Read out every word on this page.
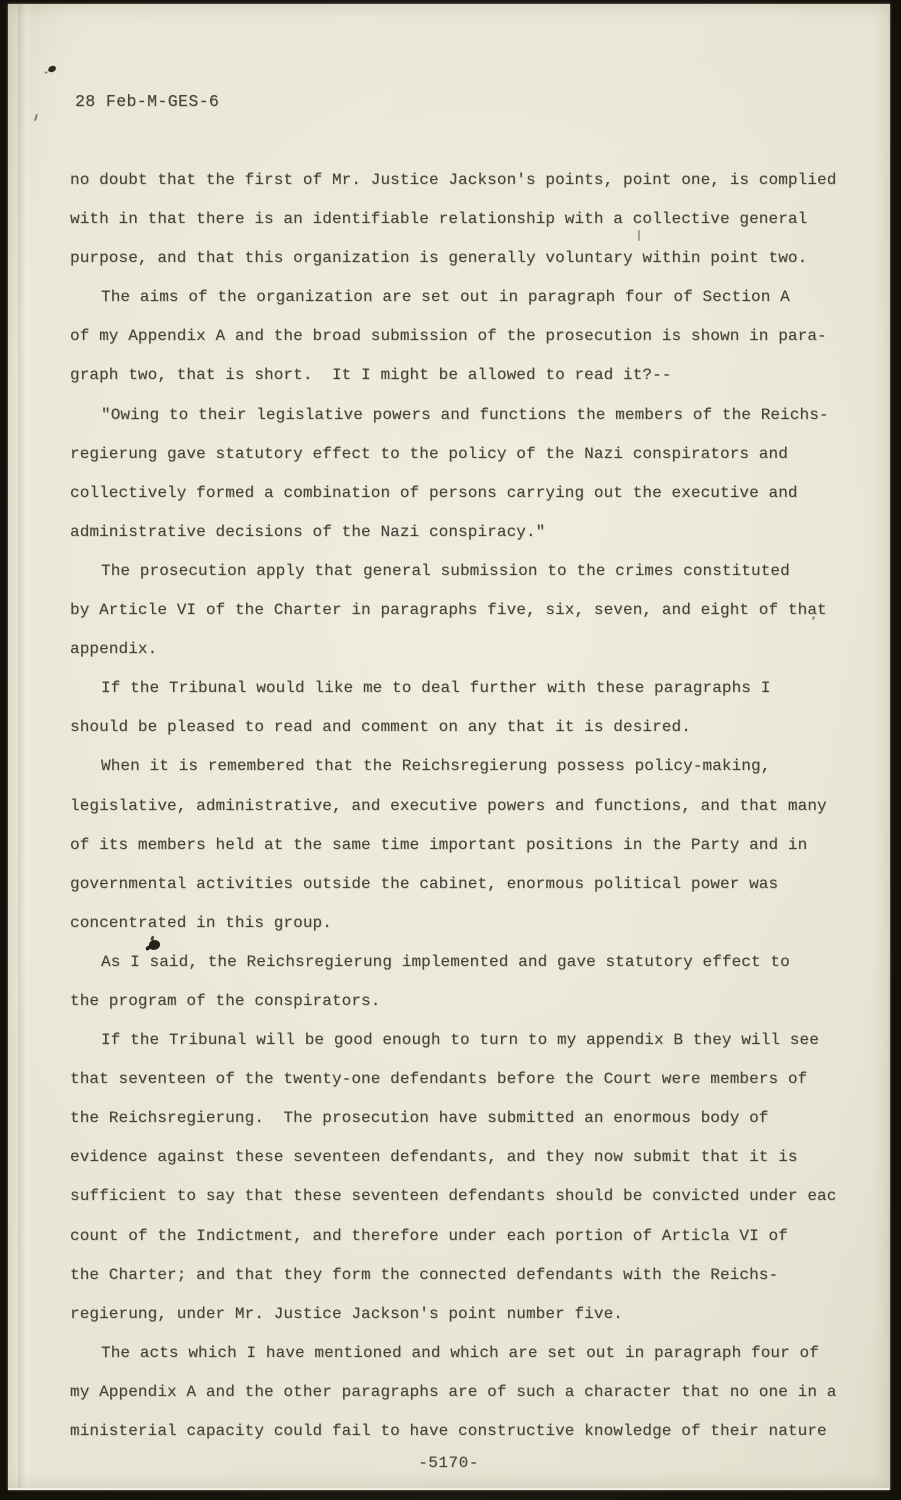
28 Feb-M-GES-6
no doubt that the first of Mr. Justice Jackson's points, point one, is complied
with in that there is an identifiable relationship with a collective general
purpose, and that this organization is generally voluntary within point two.
The aims of the organization are set out in paragraph four of Section A
of my Appendix A and the broad submission of the prosecution is shown in para-
graph two, that is short.  It I might be allowed to read it?--
"Owing to their legislative powers and functions the members of the Reichs-
regierung gave statutory effect to the policy of the Nazi conspirators and
collectively formed a combination of persons carrying out the executive and
administrative decisions of the Nazi conspiracy."
The prosecution apply that general submission to the crimes constituted
by Article VI of the Charter in paragraphs five, six, seven, and eight of that
appendix.
If the Tribunal would like me to deal further with these paragraphs I
should be pleased to read and comment on any that it is desired.
When it is remembered that the Reichsregierung possess policy-making,
legislative, administrative, and executive powers and functions, and that many
of its members held at the same time important positions in the Party and in
governmental activities outside the cabinet, enormous political power was
concentrated in this group.
As I said, the Reichsregierung implemented and gave statutory effect to
the program of the conspirators.
If the Tribunal will be good enough to turn to my appendix B they will see
that seventeen of the twenty-one defendants before the Court were members of
the Reichsregierung.  The prosecution have submitted an enormous body of
evidence against these seventeen defendants, and they now submit that it is
sufficient to say that these seventeen defendants should be convicted under eac
count of the Indictment, and therefore under each portion of Articla VI of
the Charter; and that they form the connected defendants with the Reichs-
regierung, under Mr. Justice Jackson's point number five.
The acts which I have mentioned and which are set out in paragraph four of
my Appendix A and the other paragraphs are of such a character that no one in a
ministerial capacity could fail to have constructive knowledge of their nature
-5170-
